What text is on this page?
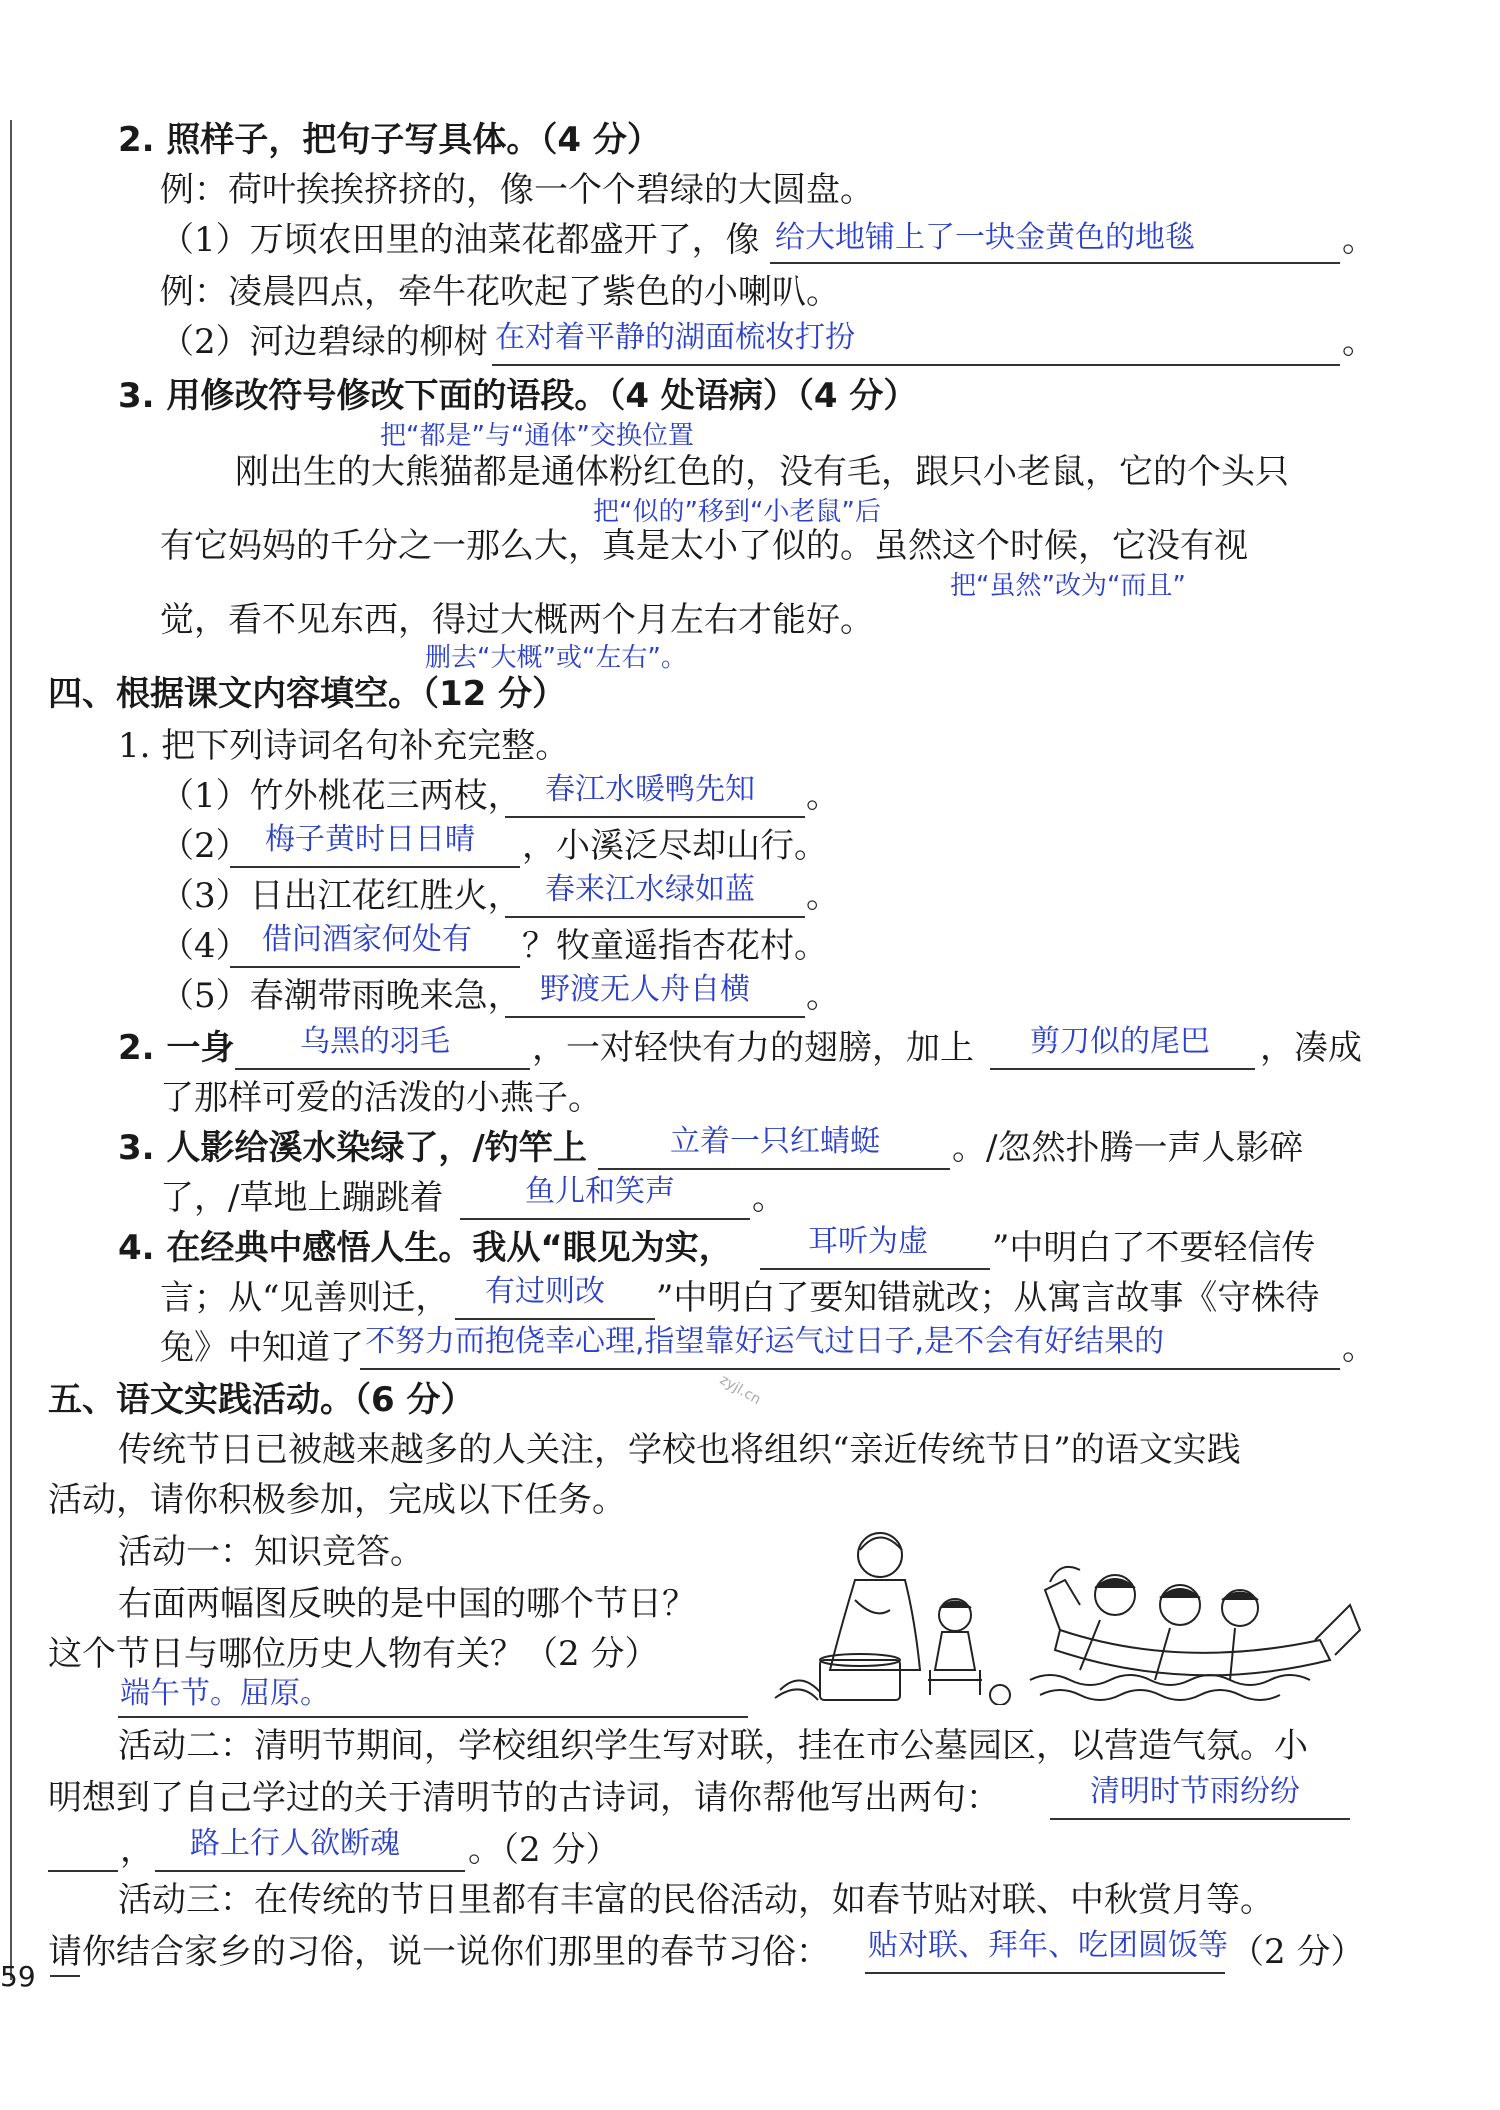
2. 照样子，把句子写具体。（4 分）
例：荷叶挨挨挤挤的，像一个个碧绿的大圆盘。
（1）万顷农田里的油菜花都盛开了，像 给大地铺上了一块金黄色的地毯	。
例：凌晨四点，牵牛花吹起了紫色的小喇叭。
（2）河边碧绿的柳树 在对着平静的湖面梳妆打扮	。
3. 用修改符号修改下面的语段。（4 处语病）（4 分）
把“都是”与“通体”交换位置
刚出生的大熊猫都是通体粉红色的，没有毛，跟只小老鼠，它的个头只
把“似的”移到“小老鼠”后
有它妈妈的千分之一那么大，真是太小了似的。虽然这个时候，它没有视
把“虽然”改为“而且”
觉，看不见东西，得过大概两个月左右才能好。
删去“大概”或“左右”。
四、根据课文内容填空。（12 分）
1. 把下列诗词名句补充完整。
（1）竹外桃花三两枝， 春江水暖鸭先知 。
（2） 梅子黄时日日晴 ，小溪泛尽却山行。
（3）日出江花红胜火， 春来江水绿如蓝 。
（4） 借问酒家何处有 ？牧童遥指杏花村。
（5）春潮带雨晚来急， 野渡无人舟自横 。
2. 一身 乌黑的羽毛 ，一对轻快有力的翅膀，加上 剪刀似的尾巴 ，凑成
了那样可爱的活泼的小燕子。
3. 人影给溪水染绿了，/钓竿上	立着一只红蜻蜓 。/忽然扑腾一声人影碎
了，/草地上蹦跳着	鱼儿和笑声 。
4. 在经典中感悟人生。我从“眼见为实，	耳听为虚 ”中明白了不要轻信传
言；从“见善则迁， 有过则改 ”中明白了要知错就改；从寓言故事《守株待
兔》中知道了 不努力而抱侥幸心理,指望靠好运气过日子,是不会有好结果的	。
五、语文实践活动。（6 分）	zyjl.cn
传统节日已被越来越多的人关注，学校也将组织“亲近传统节日”的语文实践
活动，请你积极参加，完成以下任务。
活动一：知识竞答。
右面两幅图反映的是中国的哪个节日？
这个节日与哪位历史人物有关？（2 分）
端午节。屈原。
活动二：清明节期间，学校组织学生写对联，挂在市公墓园区，以营造气氛。小
明想到了自己学过的关于清明节的古诗词，请你帮他写出两句：	清明时节雨纷纷
， 路上行人欲断魂 。（2 分）
活动三：在传统的节日里都有丰富的民俗活动，如春节贴对联、中秋赏月等。
请你结合家乡的习俗，说一说你们那里的春节习俗： 贴对联、拜年、吃团圆饭等 （2 分）
59
